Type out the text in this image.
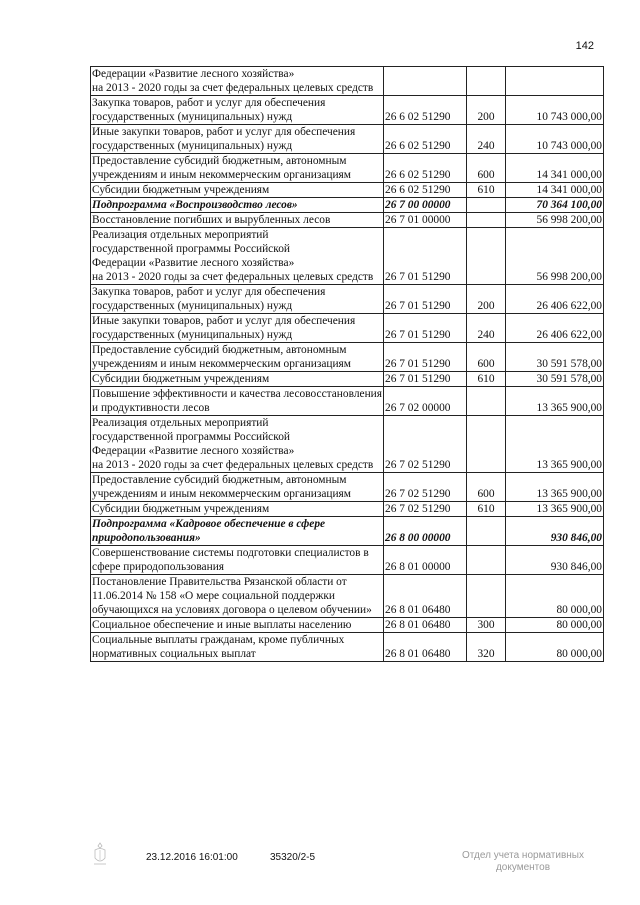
142
Федерации «Развитие лесного хозяйства»
на 2013 - 2020 годы за счет федеральных целевых средств			
Закупка товаров, работ и услуг для обеспечения государственных (муниципальных) нужд	26 6 02 51290	200	10 743 000,00
Иные закупки товаров, работ и услуг для обеспечения государственных (муниципальных) нужд	26 6 02 51290	240	10 743 000,00
Предоставление субсидий бюджетным, автономным учреждениям и иным некоммерческим организациям	26 6 02 51290	600	14 341 000,00
Субсидии бюджетным учреждениям	26 6 02 51290	610	14 341 000,00
Подпрограмма «Воспроизводство лесов»	26 7 00 00000		70 364 100,00
Восстановление погибших и вырубленных лесов	26 7 01 00000		56 998 200,00
Реализация отдельных мероприятий
государственной программы Российской
Федерации «Развитие лесного хозяйства»
на 2013 - 2020 годы за счет федеральных целевых средств	26 7 01 51290		56 998 200,00
Закупка товаров, работ и услуг для обеспечения государственных (муниципальных) нужд	26 7 01 51290	200	26 406 622,00
Иные закупки товаров, работ и услуг для обеспечения государственных (муниципальных) нужд	26 7 01 51290	240	26 406 622,00
Предоставление субсидий бюджетным, автономным учреждениям и иным некоммерческим организациям	26 7 01 51290	600	30 591 578,00
Субсидии бюджетным учреждениям	26 7 01 51290	610	30 591 578,00
Повышение эффективности и качества лесовосстановления и продуктивности лесов	26 7 02 00000		13 365 900,00
Реализация отдельных мероприятий
государственной программы Российской
Федерации «Развитие лесного хозяйства»
на 2013 - 2020 годы за счет федеральных целевых средств	26 7 02 51290		13 365 900,00
Предоставление субсидий бюджетным, автономным учреждениям и иным некоммерческим организациям	26 7 02 51290	600	13 365 900,00
Субсидии бюджетным учреждениям	26 7 02 51290	610	13 365 900,00
Подпрограмма «Кадровое обеспечение в сфере природопользования»	26 8 00 00000		930 846,00
Совершенствование системы подготовки специалистов в сфере природопользования	26 8 01 00000		930 846,00
Постановление Правительства Рязанской области от 11.06.2014 № 158 «О мере социальной поддержки обучающихся на условиях договора о целевом обучении»	26 8 01 06480		80 000,00
Социальное обеспечение и иные выплаты населению	26 8 01 06480	300	80 000,00
Социальные выплаты гражданам, кроме публичных нормативных социальных выплат	26 8 01 06480	320	80 000,00
23.12.2016 16:01:00	35320/2-5	Отдел учета нормативных
документов
